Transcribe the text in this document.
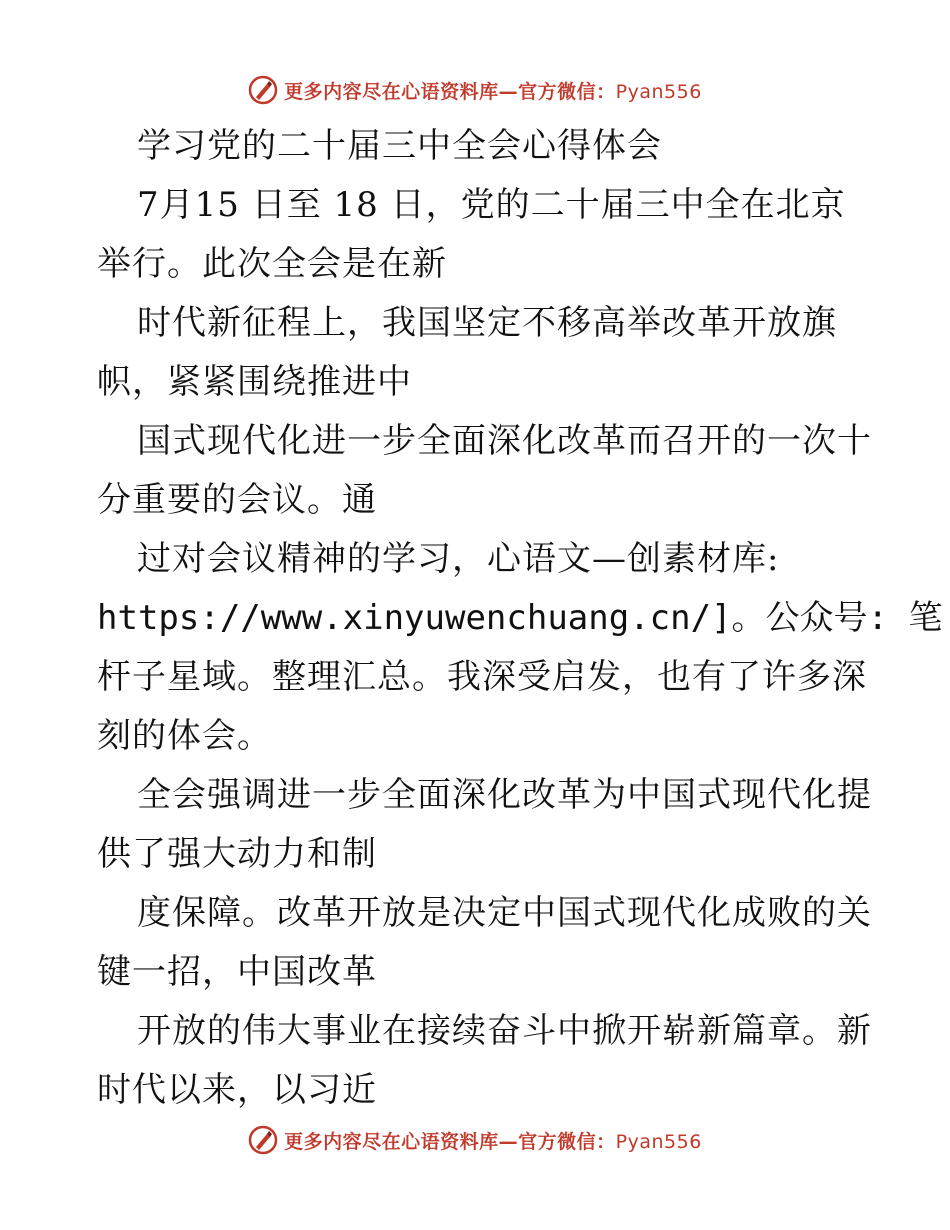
更多内容尽在心语资料库—官方微信：Pyan556
学习党的二十届三中全会心得体会
7月15 日至 18 日，党的二十届三中全在北京
举行。此次全会是在新
时代新征程上，我国坚定不移高举改革开放旗
帜，紧紧围绕推进中
国式现代化进一步全面深化改革而召开的一次十
分重要的会议。通
过对会议精神的学习，心语文—创素材库:
https://www.xinyuwenchuang.cn/]。公众号: 笔
杆子星域。整理汇总。我深受启发，也有了许多深
刻的体会。
全会强调进一步全面深化改革为中国式现代化提
供了强大动力和制
度保障。改革开放是决定中国式现代化成败的关
键一招，中国改革
开放的伟大事业在接续奋斗中掀开崭新篇章。新
时代以来，以习近
更多内容尽在心语资料库—官方微信：Pyan556
